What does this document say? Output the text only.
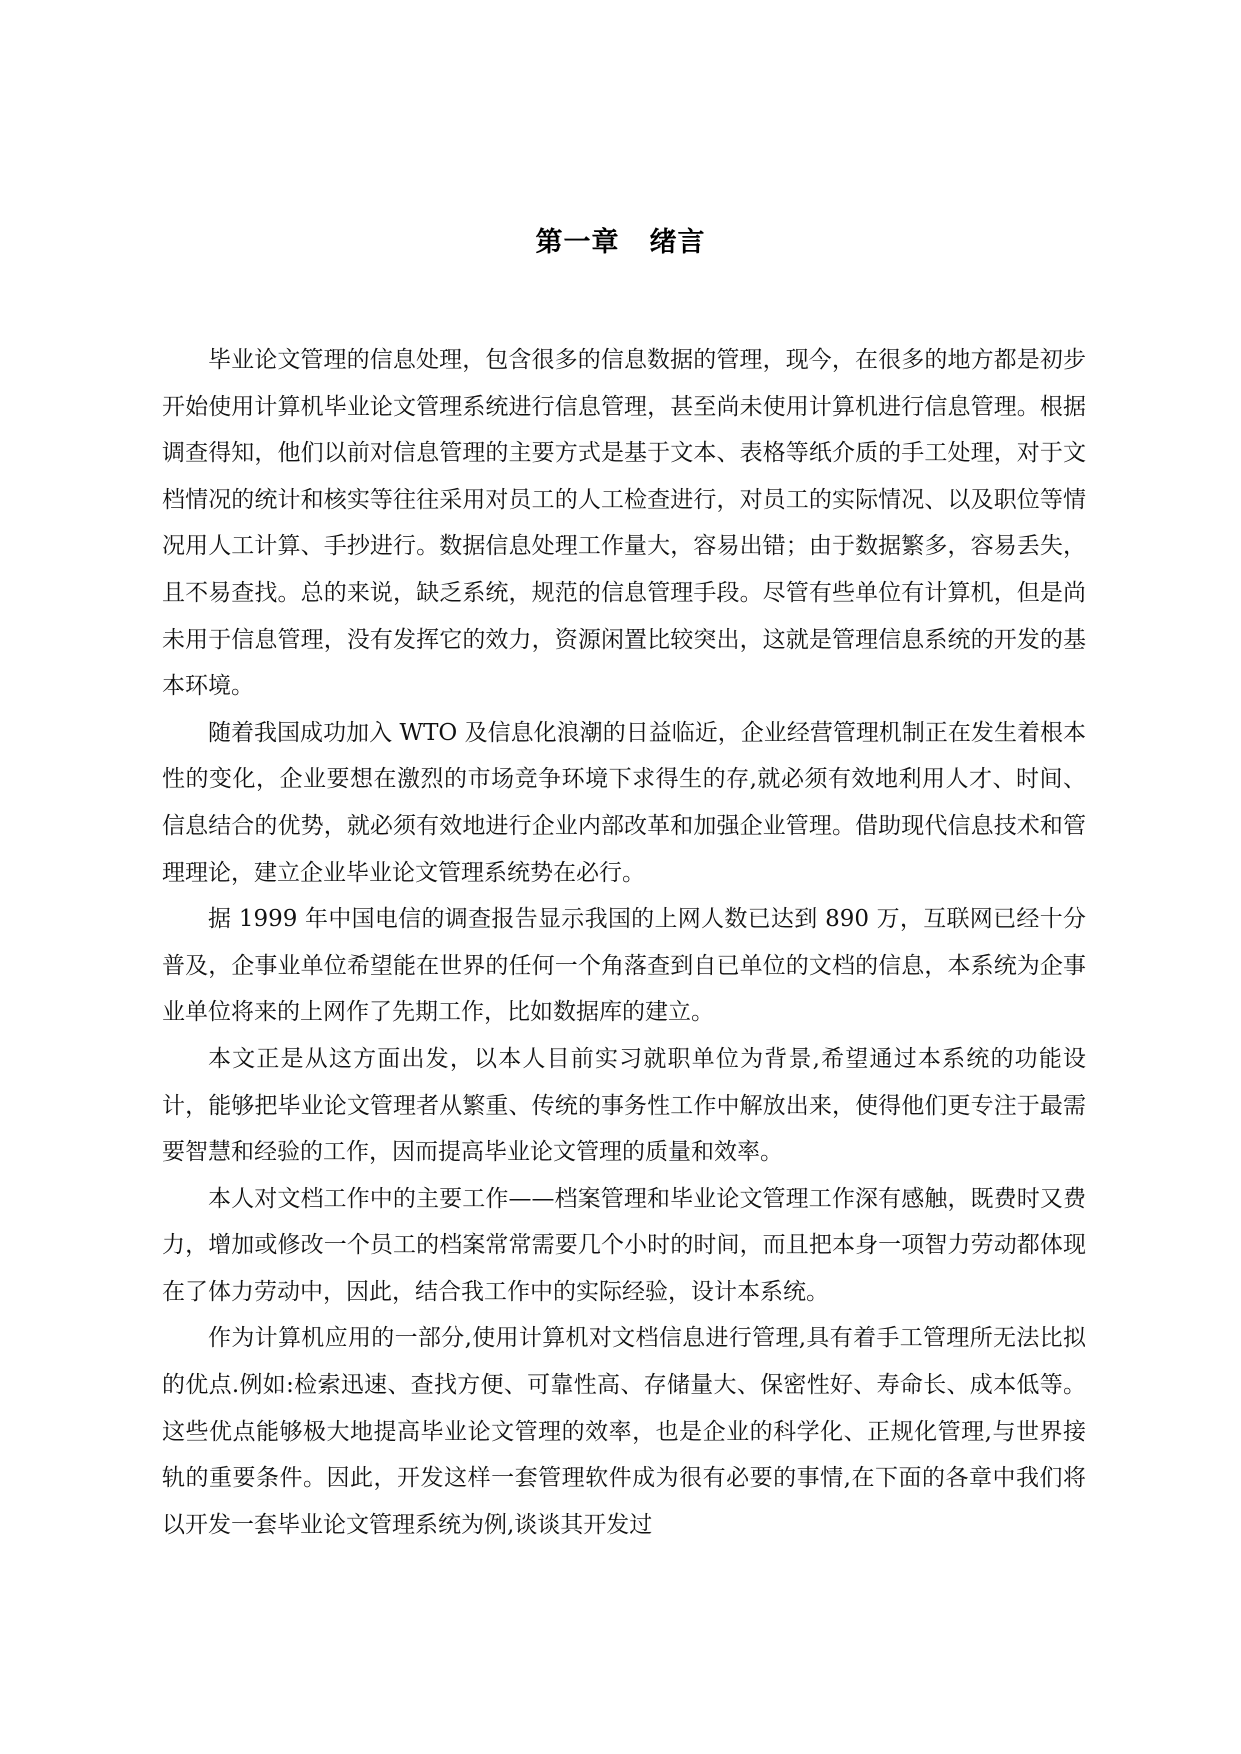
第一章 绪言

毕业论文管理的信息处理，包含很多的信息数据的管理，现今，在很多的地方都是初步开始使用计算机毕业论文管理系统进行信息管理，甚至尚未使用计算机进行信息管理。根据调查得知，他们以前对信息管理的主要方式是基于文本、表格等纸介质的手工处理，对于文档情况的统计和核实等往往采用对员工的人工检查进行，对员工的实际情况、以及职位等情况用人工计算、手抄进行。数据信息处理工作量大，容易出错；由于数据繁多，容易丢失，且不易查找。总的来说，缺乏系统，规范的信息管理手段。尽管有些单位有计算机，但是尚未用于信息管理，没有发挥它的效力，资源闲置比较突出，这就是管理信息系统的开发的基本环境。

随着我国成功加入 WTO 及信息化浪潮的日益临近，企业经营管理机制正在发生着根本性的变化，企业要想在激烈的市场竞争环境下求得生的存,就必须有效地利用人才、时间、信息结合的优势，就必须有效地进行企业内部改革和加强企业管理。借助现代信息技术和管理理论，建立企业毕业论文管理系统势在必行。

据 1999 年中国电信的调查报告显示我国的上网人数已达到 890 万，互联网已经十分普及，企事业单位希望能在世界的任何一个角落查到自已单位的文档的信息，本系统为企事业单位将来的上网作了先期工作，比如数据库的建立。

本文正是从这方面出发，以本人目前实习就职单位为背景,希望通过本系统的功能设计，能够把毕业论文管理者从繁重、传统的事务性工作中解放出来，使得他们更专注于最需要智慧和经验的工作，因而提高毕业论文管理的质量和效率。

本人对文档工作中的主要工作——档案管理和毕业论文管理工作深有感触，既费时又费力，增加或修改一个员工的档案常常需要几个小时的时间，而且把本身一项智力劳动都体现在了体力劳动中，因此，结合我工作中的实际经验，设计本系统。

作为计算机应用的一部分,使用计算机对文档信息进行管理,具有着手工管理所无法比拟的优点.例如:检索迅速、查找方便、可靠性高、存储量大、保密性好、寿命长、成本低等。这些优点能够极大地提高毕业论文管理的效率，也是企业的科学化、正规化管理,与世界接轨的重要条件。因此，开发这样一套管理软件成为很有必要的事情,在下面的各章中我们将以开发一套毕业论文管理系统为例,谈谈其开发过
